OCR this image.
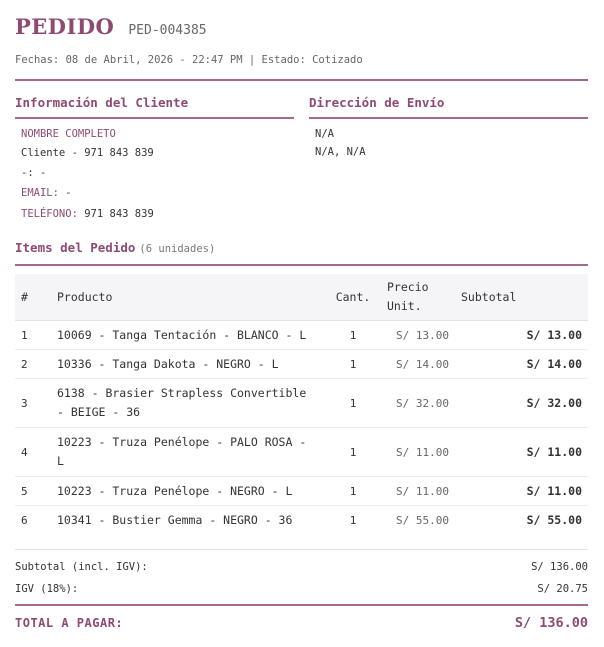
PEDIDO PED-004385
Fechas: 08 de Abril, 2026 - 22:47 PM | Estado: Cotizado
Información del Cliente
NOMBRE COMPLETO
Cliente - 971 843 839
-: -
EMAIL: -
TELÉFONO: 971 843 839
Dirección de Envío
N/A
N/A, N/A
Items del Pedido (6 unidades)
#	Producto	Cant.	Precio Unit.	Subtotal
1	10069 - Tanga Tentación - BLANCO - L	1	S/ 13.00	S/ 13.00
2	10336 - Tanga Dakota - NEGRO - L	1	S/ 14.00	S/ 14.00
3	6138 - Brasier Strapless Convertible - BEIGE - 36	1	S/ 32.00	S/ 32.00
4	10223 - Truza Penélope - PALO ROSA - L	1	S/ 11.00	S/ 11.00
5	10223 - Truza Penélope - NEGRO - L	1	S/ 11.00	S/ 11.00
6	10341 - Bustier Gemma - NEGRO - 36	1	S/ 55.00	S/ 55.00
Subtotal (incl. IGV):	S/ 136.00
IGV (18%):	S/ 20.75
TOTAL A PAGAR:	S/ 136.00
